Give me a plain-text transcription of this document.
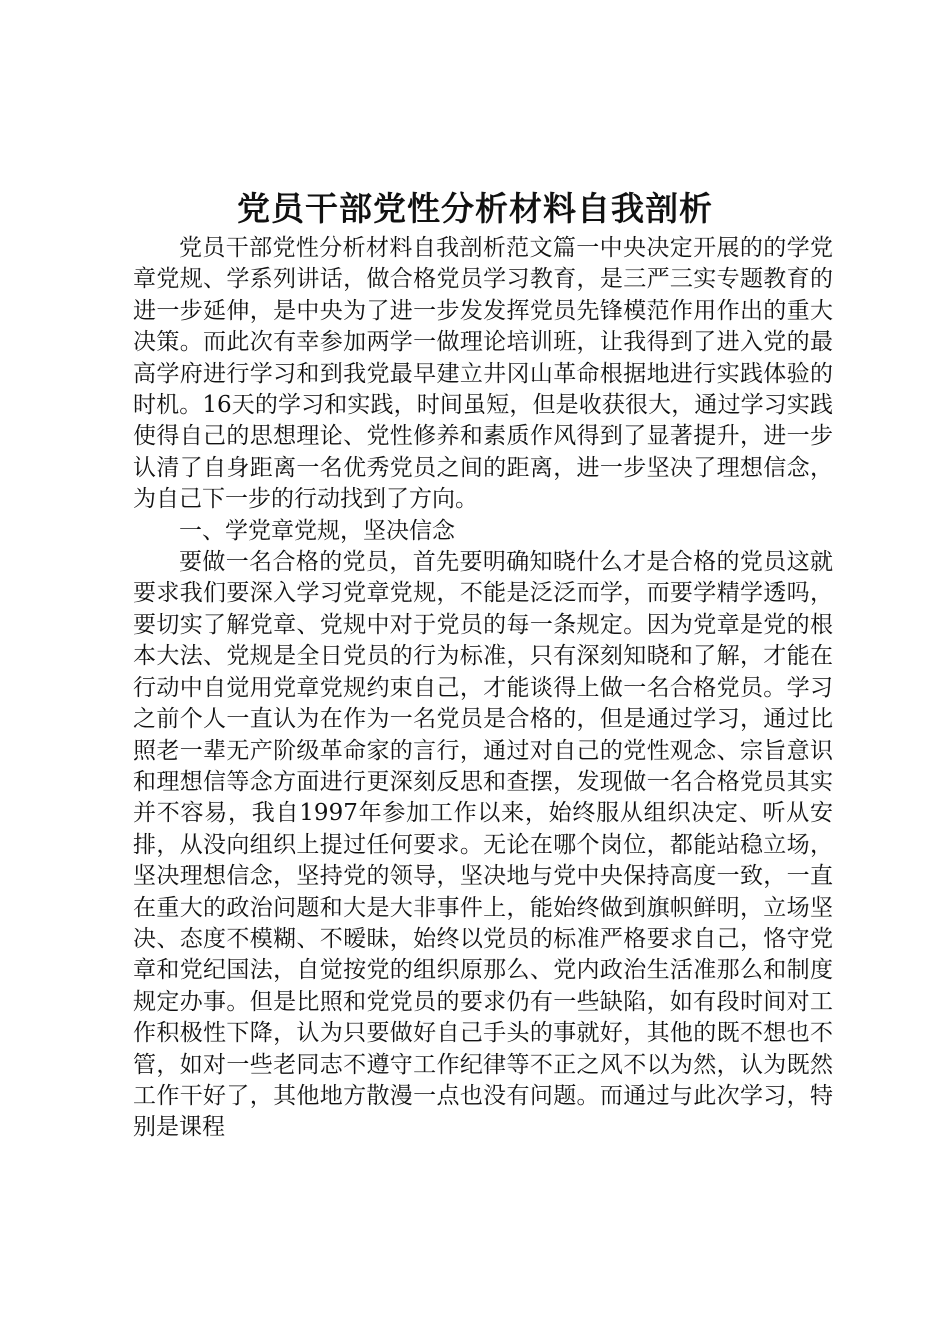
党员干部党性分析材料自我剖析

党员干部党性分析材料自我剖析范文篇一中央决定开展的的学党章党规、学系列讲话，做合格党员学习教育，是三严三实专题教育的进一步延伸，是中央为了进一步发发挥党员先锋模范作用作出的重大决策。而此次有幸参加两学一做理论培训班，让我得到了进入党的最高学府进行学习和到我党最早建立井冈山革命根据地进行实践体验的时机。16天的学习和实践，时间虽短，但是收获很大，通过学习实践使得自己的思想理论、党性修养和素质作风得到了显著提升，进一步认清了自身距离一名优秀党员之间的距离，进一步坚决了理想信念，为自己下一步的行动找到了方向。

一、学党章党规，坚决信念

要做一名合格的党员，首先要明确知晓什么才是合格的党员这就要求我们要深入学习党章党规，不能是泛泛而学，而要学精学透吗，要切实了解党章、党规中对于党员的每一条规定。因为党章是党的根本大法、党规是全日党员的行为标准，只有深刻知晓和了解，才能在行动中自觉用党章党规约束自己，才能谈得上做一名合格党员。学习之前个人一直认为在作为一名党员是合格的，但是通过学习，通过比照老一辈无产阶级革命家的言行，通过对自己的党性观念、宗旨意识和理想信等念方面进行更深刻反思和查摆，发现做一名合格党员其实并不容易，我自1997年参加工作以来，始终服从组织决定、听从安排，从没向组织上提过任何要求。无论在哪个岗位，都能站稳立场，坚决理想信念，坚持党的领导，坚决地与党中央保持高度一致，一直在重大的政治问题和大是大非事件上，能始终做到旗帜鲜明，立场坚决、态度不模糊、不暧昧，始终以党员的标准严格要求自己，恪守党章和党纪国法，自觉按党的组织原那么、党内政治生活准那么和制度规定办事。但是比照和党党员的要求仍有一些缺陷，如有段时间对工作积极性下降，认为只要做好自己手头的事就好，其他的既不想也不管，如对一些老同志不遵守工作纪律等不正之风不以为然，认为既然工作干好了，其他地方散漫一点也没有问题。而通过与此次学习，特别是课程
